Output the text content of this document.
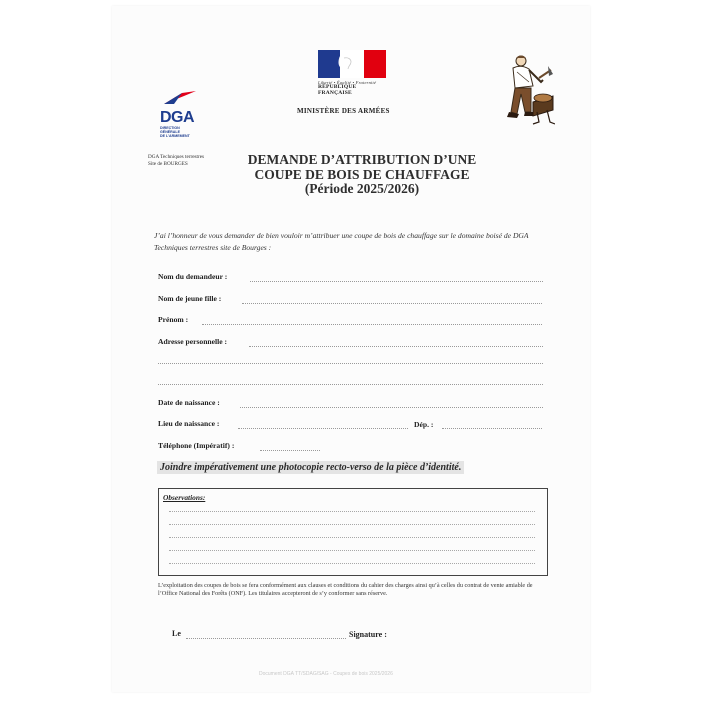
Liberté • Égalité • Fraternité
RÉPUBLIQUE
FRANÇAISE
MINISTÈRE DES ARMÉES
DGA
DIRECTION
GÉNÉRALE
DE L'ARMEMENT
DGA Techniques terrestres
Site de BOURGES	DEMANDE D’ATTRIBUTION D’UNE
COUPE DE BOIS DE CHAUFFAGE
(Période 2025/2026)
J’ai l’honneur de vous demander de bien vouloir m’attribuer une coupe de bois de chauffage sur le domaine boisé de DGA Techniques terrestres site de Bourges :
Nom du demandeur :
Nom de jeune fille :
Prénom :
Adresse personnelle :
Date de naissance :
Lieu de naissance :	Dép. :
Téléphone (Impératif) :
Joindre impérativement une photocopie recto-verso de la pièce d’identité.
Observations:
L’exploitation des coupes de bois se fera conformément aux clauses et conditions du cahier des charges ainsi qu’à celles du contrat de vente amiable de l’Office National des Forêts (ONF). Les titulaires accepteront de s’y conformer sans réserve.
Le	Signature :
Document DGA TT/SDAG/SAG - Coupes de bois 2025/2026
